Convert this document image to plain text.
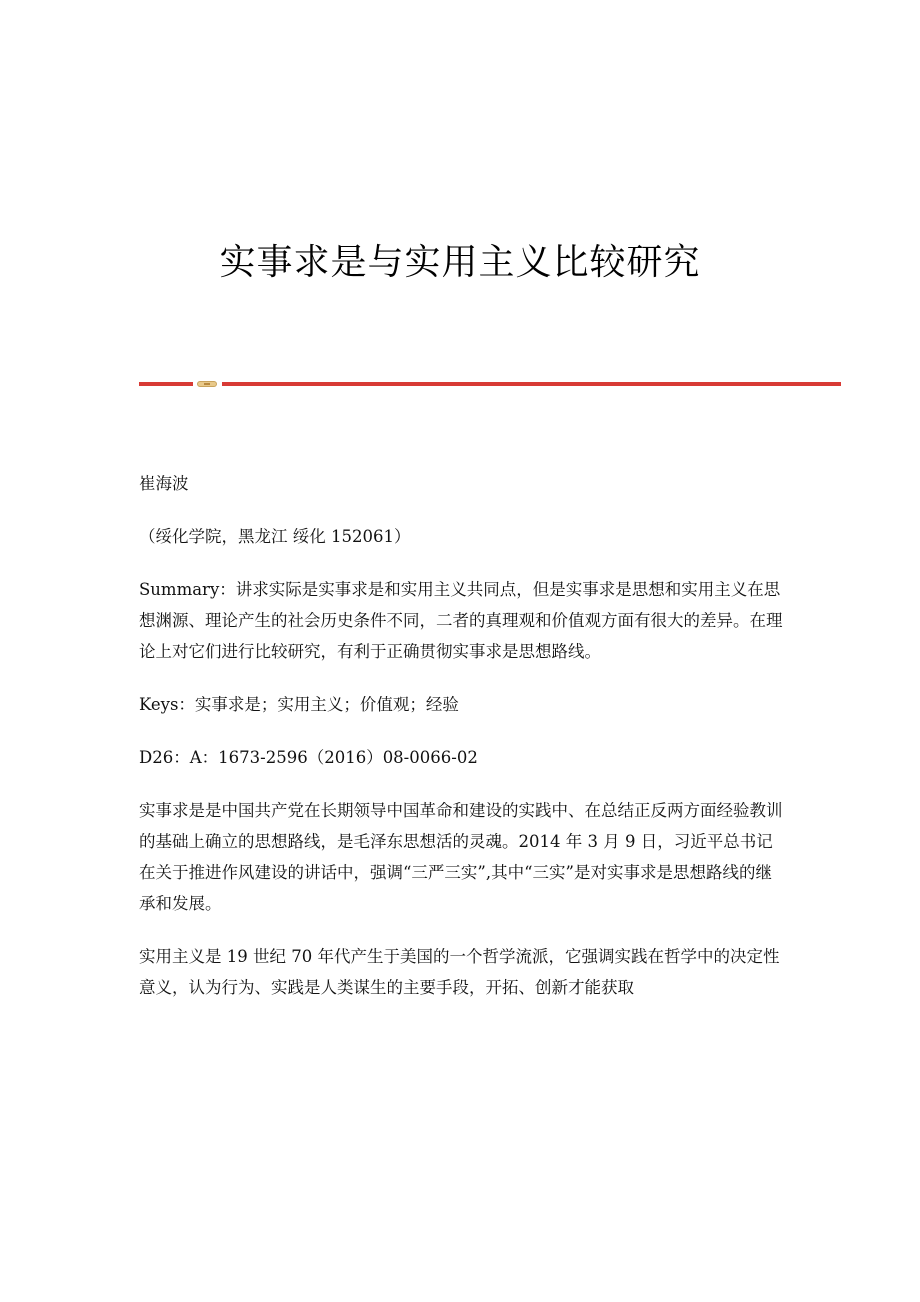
实事求是与实用主义比较研究

崔海波

（绥化学院，黑龙江 绥化 152061）

Summary：讲求实际是实事求是和实用主义共同点，但是实事求是思想和实用主义在思想渊源、理论产生的社会历史条件不同，二者的真理观和价值观方面有很大的差异。在理论上对它们进行比较研究，有利于正确贯彻实事求是思想路线。

Keys：实事求是；实用主义；价值观；经验

D26：A：1673-2596（2016）08-0066-02

实事求是是中国共产党在长期领导中国革命和建设的实践中、在总结正反两方面经验教训的基础上确立的思想路线，是毛泽东思想活的灵魂。2014 年 3 月 9 日，习近平总书记在关于推进作风建设的讲话中，强调“三严三实”,其中“三实”是对实事求是思想路线的继承和发展。

实用主义是 19 世纪 70 年代产生于美国的一个哲学流派，它强调实践在哲学中的决定性意义，认为行为、实践是人类谋生的主要手段，开拓、创新才能获取
